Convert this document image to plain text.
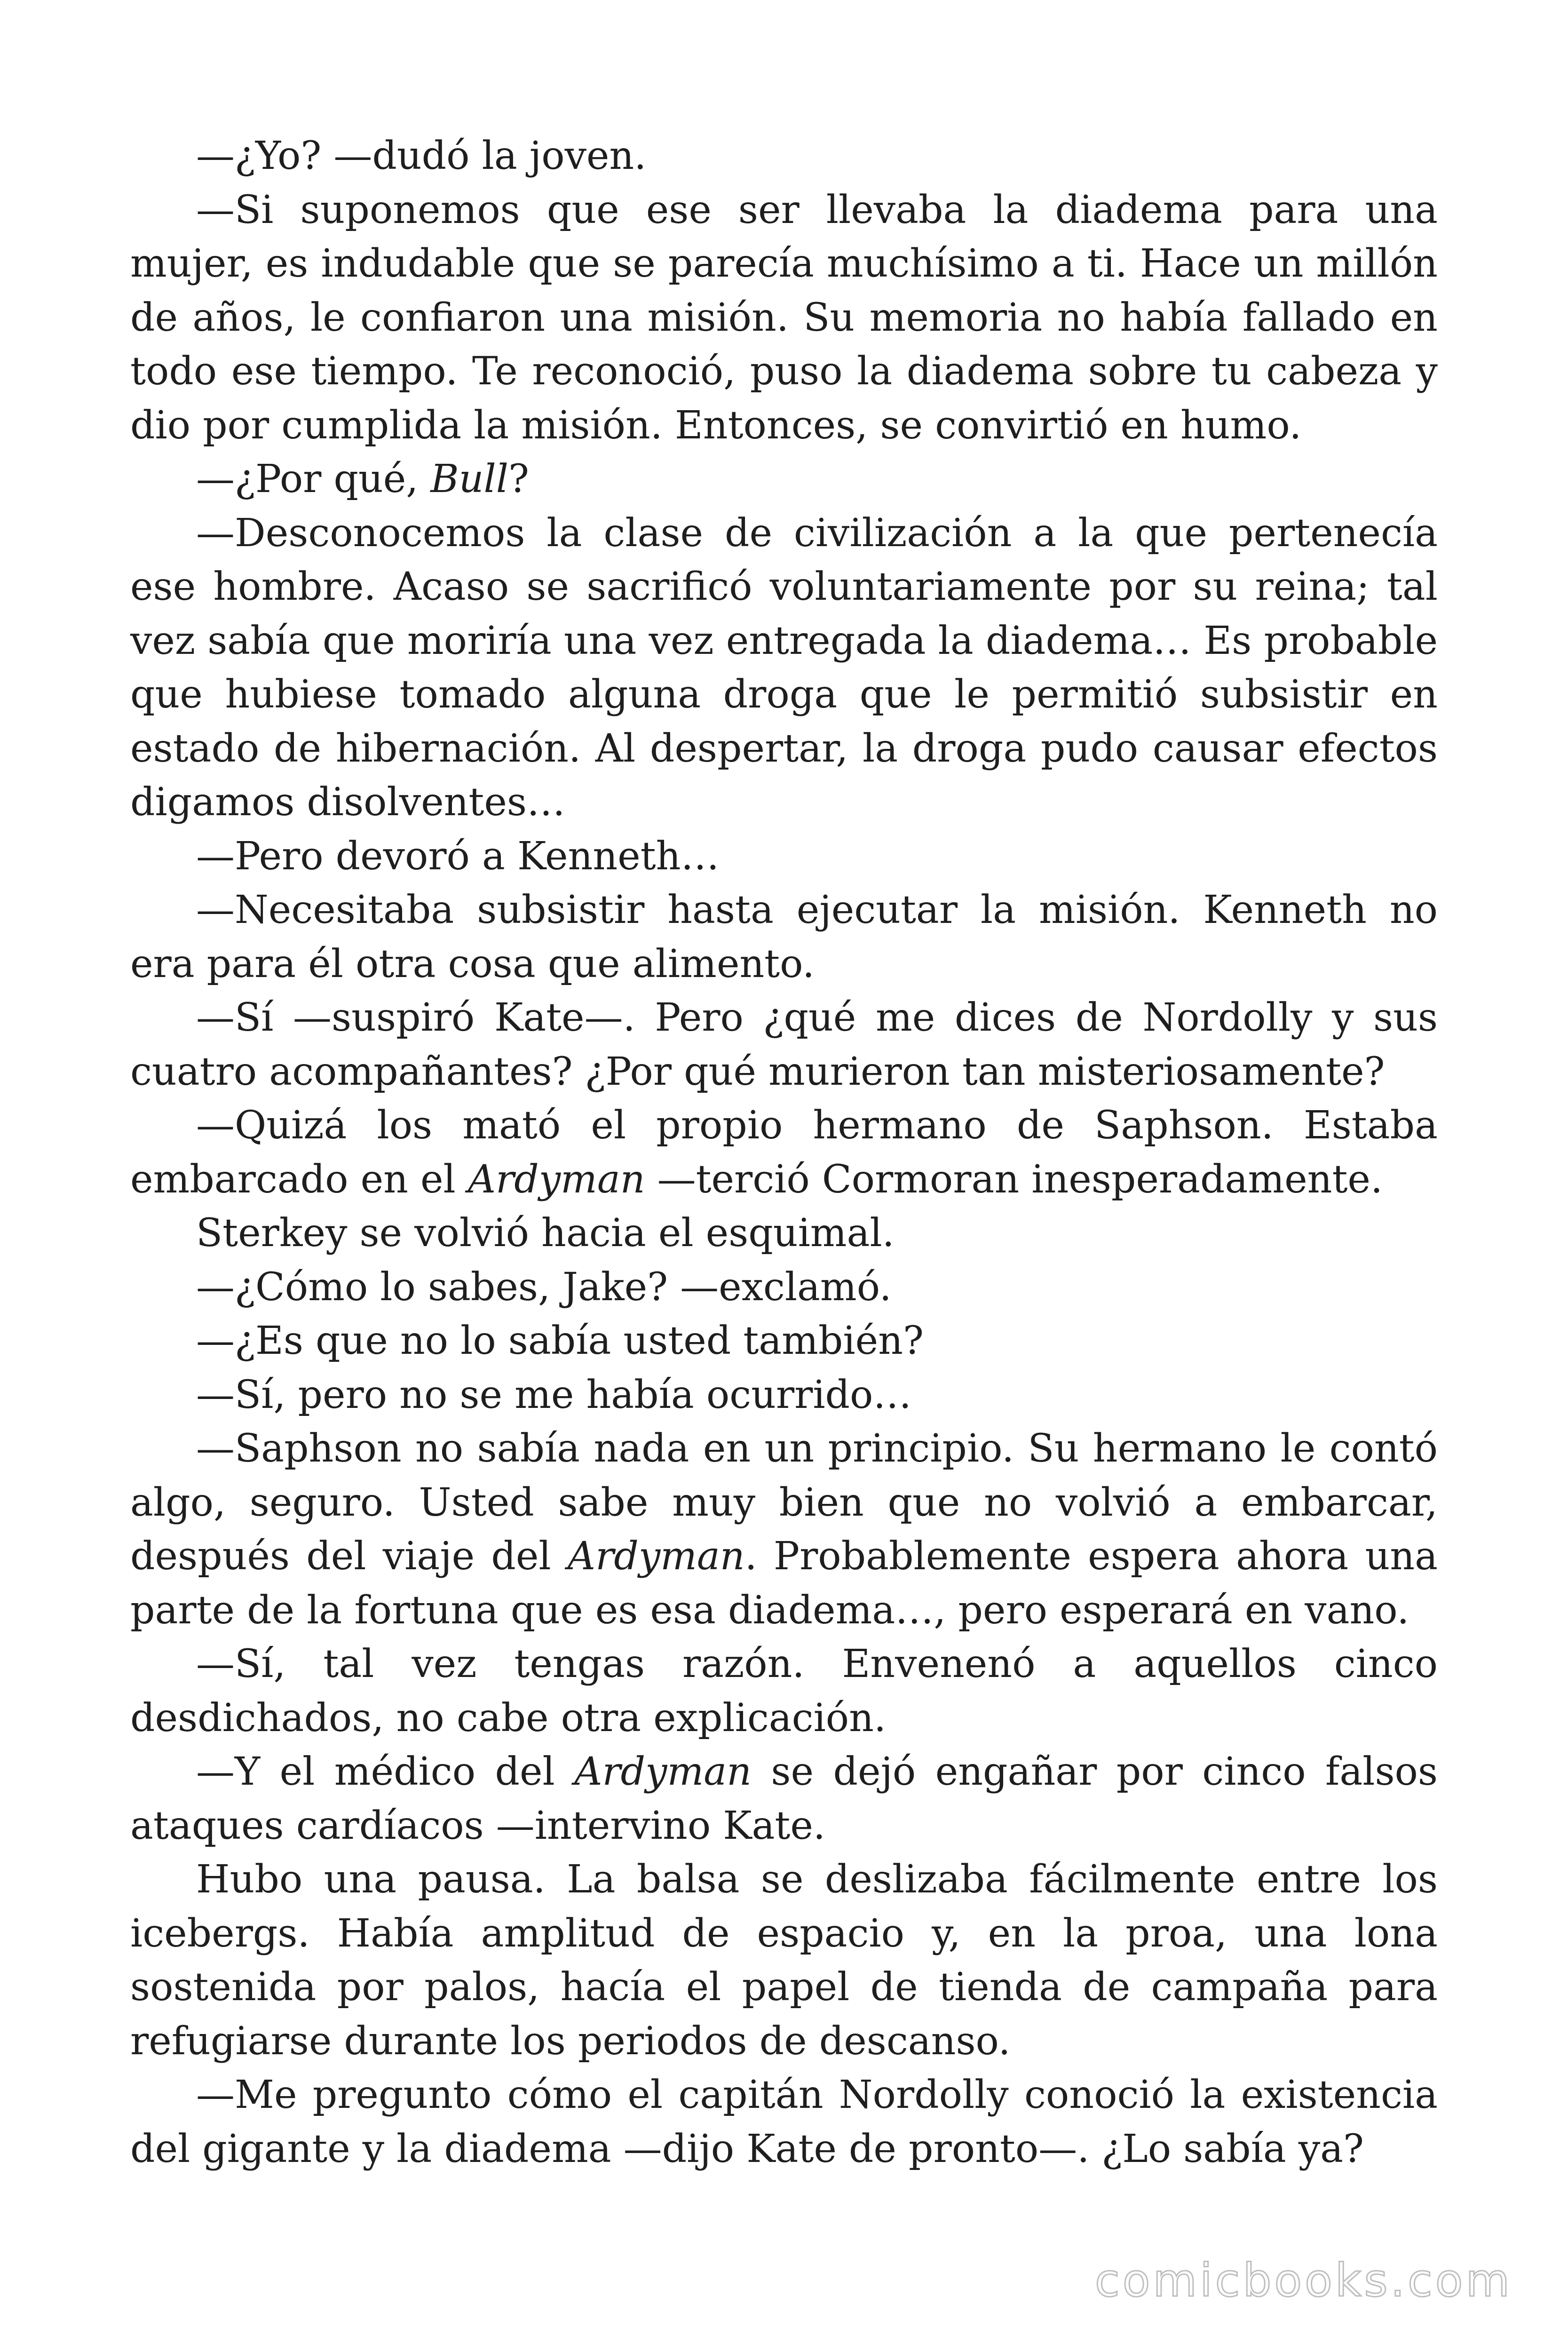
—¿Yo? —dudó la joven.

—Si suponemos que ese ser llevaba la diadema para una mujer, es indudable que se parecía muchísimo a ti. Hace un millón de años, le confiaron una misión. Su memoria no había fallado en todo ese tiempo. Te reconoció, puso la diadema sobre tu cabeza y dio por cumplida la misión. Entonces, se convirtió en humo.

—¿Por qué, Bull?

—Desconocemos la clase de civilización a la que pertenecía ese hombre. Acaso se sacrificó voluntariamente por su reina; tal vez sabía que moriría una vez entregada la diadema… Es probable que hubiese tomado alguna droga que le permitió subsistir en estado de hibernación. Al despertar, la droga pudo causar efectos digamos disolventes…

—Pero devoró a Kenneth…

—Necesitaba subsistir hasta ejecutar la misión. Kenneth no era para él otra cosa que alimento.

—Sí —suspiró Kate—. Pero ¿qué me dices de Nordolly y sus cuatro acompañantes? ¿Por qué murieron tan misteriosamente?

—Quizá los mató el propio hermano de Saphson. Estaba embarcado en el Ardyman —terció Cormoran inesperadamente.

Sterkey se volvió hacia el esquimal.

—¿Cómo lo sabes, Jake? —exclamó.

—¿Es que no lo sabía usted también?

—Sí, pero no se me había ocurrido…

—Saphson no sabía nada en un principio. Su hermano le contó algo, seguro. Usted sabe muy bien que no volvió a embarcar, después del viaje del Ardyman. Probablemente espera ahora una parte de la fortuna que es esa diadema…, pero esperará en vano.

—Sí, tal vez tengas razón. Envenenó a aquellos cinco desdichados, no cabe otra explicación.

—Y el médico del Ardyman se dejó engañar por cinco falsos ataques cardíacos —intervino Kate.

Hubo una pausa. La balsa se deslizaba fácilmente entre los icebergs. Había amplitud de espacio y, en la proa, una lona sostenida por palos, hacía el papel de tienda de campaña para refugiarse durante los periodos de descanso.

—Me pregunto cómo el capitán Nordolly conoció la existencia del gigante y la diadema —dijo Kate de pronto—. ¿Lo sabía ya?

comicbooks.com
